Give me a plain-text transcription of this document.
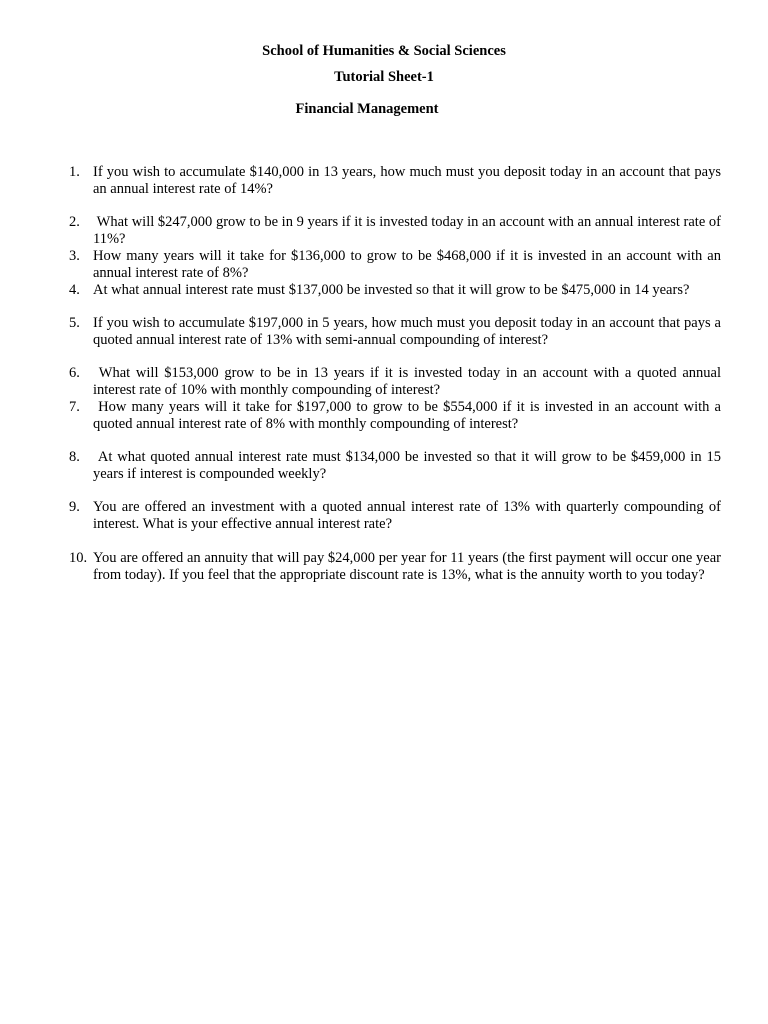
School of Humanities & Social Sciences
Tutorial Sheet-1
Financial Management
1. If you wish to accumulate $140,000 in 13 years, how much must you deposit today in an account that pays an annual interest rate of 14%?
2. What will $247,000 grow to be in 9 years if it is invested today in an account with an annual interest rate of 11%?
3. How many years will it take for $136,000 to grow to be $468,000 if it is invested in an account with an annual interest rate of 8%?
4. At what annual interest rate must $137,000 be invested so that it will grow to be $475,000 in 14 years?
5. If you wish to accumulate $197,000 in 5 years, how much must you deposit today in an account that pays a quoted annual interest rate of 13% with semi-annual compounding of interest?
6. What will $153,000 grow to be in 13 years if it is invested today in an account with a quoted annual interest rate of 10% with monthly compounding of interest?
7. How many years will it take for $197,000 to grow to be $554,000 if it is invested in an account with a quoted annual interest rate of 8% with monthly compounding of interest?
8. At what quoted annual interest rate must $134,000 be invested so that it will grow to be $459,000 in 15 years if interest is compounded weekly?
9. You are offered an investment with a quoted annual interest rate of 13% with quarterly compounding of interest. What is your effective annual interest rate?
10. You are offered an annuity that will pay $24,000 per year for 11 years (the first payment will occur one year from today). If you feel that the appropriate discount rate is 13%, what is the annuity worth to you today?
